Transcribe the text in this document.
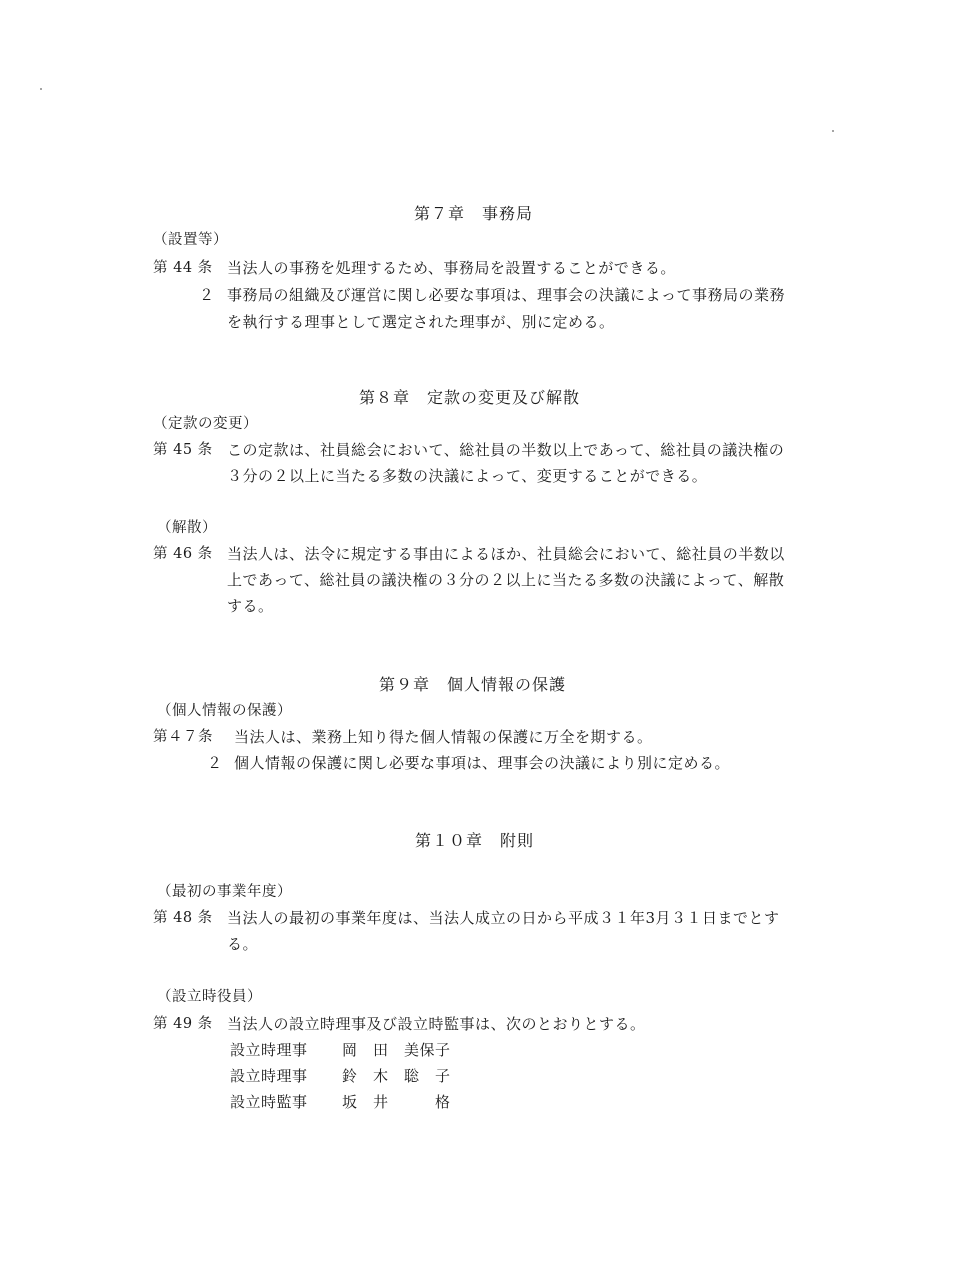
第７章　事務局
（設置等）
第 44 条 当法人の事務を処理するため、事務局を設置することができる。
２ 事務局の組織及び運営に関し必要な事項は、理事会の決議によって事務局の業務
を執行する理事として選定された理事が、別に定める。
第８章　定款の変更及び解散
（定款の変更）
第 45 条 この定款は、社員総会において、総社員の半数以上であって、総社員の議決権の
３分の２以上に当たる多数の決議によって、変更することができる。
（解散）
第 46 条 当法人は、法令に規定する事由によるほか、社員総会において、総社員の半数以
上であって、総社員の議決権の３分の２以上に当たる多数の決議によって、解散
する。
第９章　個人情報の保護
（個人情報の保護）
第４７条 当法人は、業務上知り得た個人情報の保護に万全を期する。
２ 個人情報の保護に関し必要な事項は、理事会の決議により別に定める。
第１０章　附則
（最初の事業年度）
第 48 条 当法人の最初の事業年度は、当法人成立の日から平成３１年3月３１日までとす
る。
（設立時役員）
第 49 条 当法人の設立時理事及び設立時監事は、次のとおりとする。
設立時理事 岡　田　美保子
設立時理事 鈴　木　聡　子
設立時監事 坂　井　　　格
